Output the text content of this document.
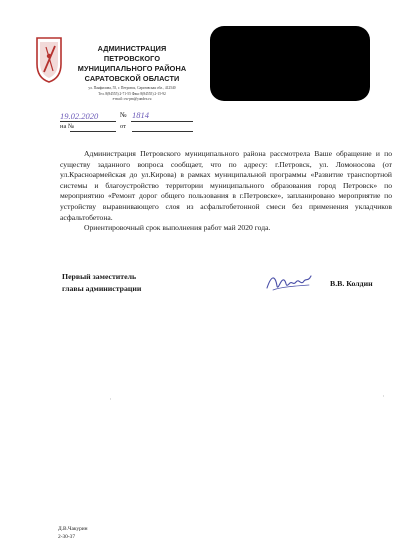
АДМИНИСТРАЦИЯ
ПЕТРОВСКОГО
МУНИЦИПАЛЬНОГО РАЙОНА
САРАТОВСКОЙ ОБЛАСТИ
ул. Панфилова, 55, г. Петровск, Саратовская обл., 412540
Тел. 8(84555) 2-71-55 Факс 8(84555) 2-15-92
e-mail: ow-pm@yandex.ru
19.02.2020	№ 1814
на №	от

Администрация Петровского муниципального района рассмотрела Ваше обращение и по существу заданного вопроса сообщает, что по адресу: г.Петровск, ул. Ломоносова (от ул.Красноармейская до ул.Кирова) в рамках муниципальной программы «Развитие транспортной системы и благоустройство территории муниципального образования город Петровск» по мероприятию «Ремонт дорог общего пользования в г.Петровске», запланировано мероприятие по устройству выравнивающего слоя из асфальтобетонной смеси без применения укладчиков асфальтобетона.

Ориентировочный срок выполнения работ май 2020 года.

Первый заместитель
главы администрации	В.В. Колдин
'
'
Д.В.Чакурин
2-30-37
